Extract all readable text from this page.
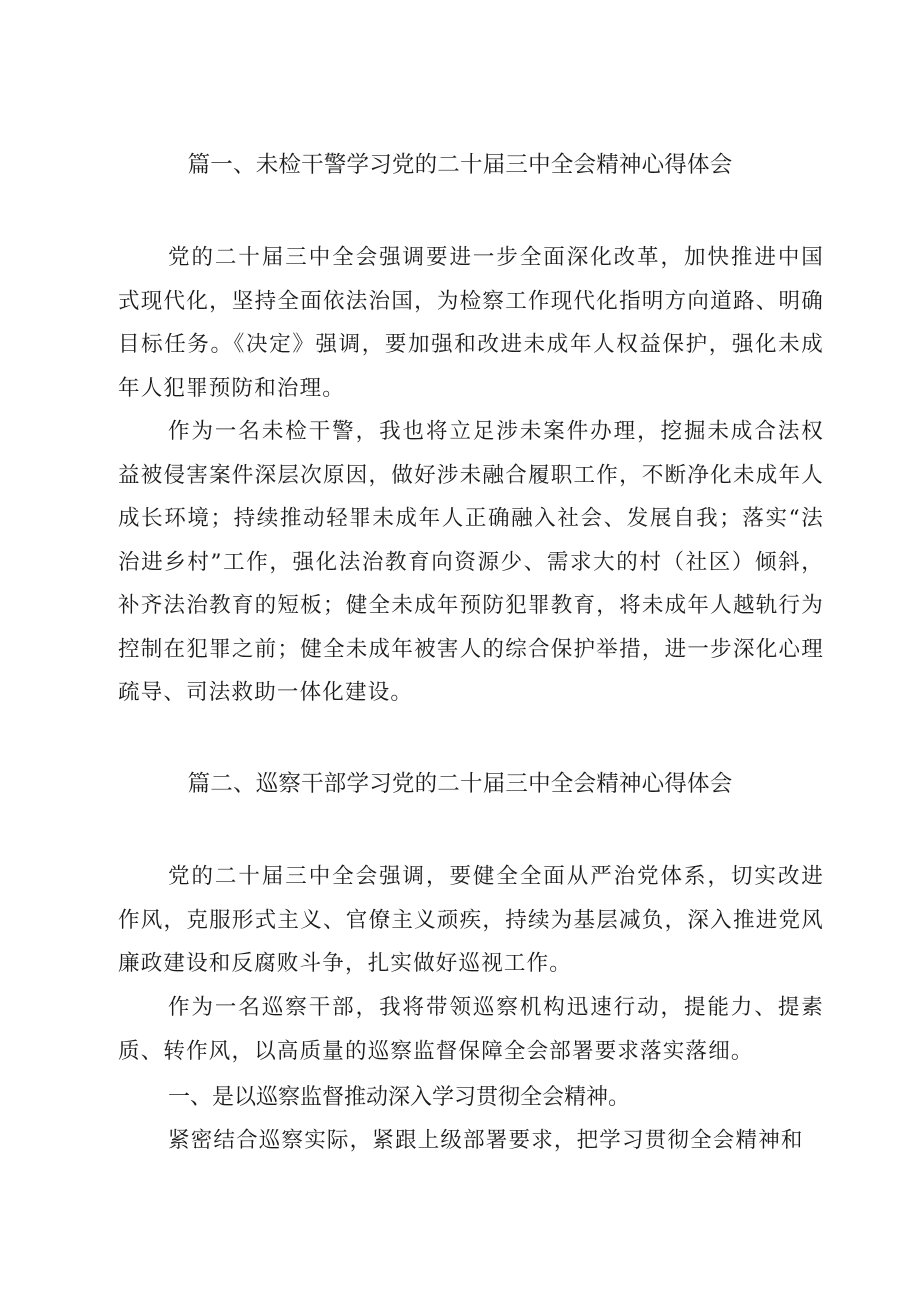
篇一、未检干警学习党的二十届三中全会精神心得体会

党的二十届三中全会强调要进一步全面深化改革，加快推进中国式现代化，坚持全面依法治国，为检察工作现代化指明方向道路、明确目标任务。《决定》强调，要加强和改进未成年人权益保护，强化未成年人犯罪预防和治理。

作为一名未检干警，我也将立足涉未案件办理，挖掘未成合法权益被侵害案件深层次原因，做好涉未融合履职工作，不断净化未成年人成长环境；持续推动轻罪未成年人正确融入社会、发展自我；落实“法治进乡村”工作，强化法治教育向资源少、需求大的村（社区）倾斜，补齐法治教育的短板；健全未成年预防犯罪教育，将未成年人越轨行为控制在犯罪之前；健全未成年被害人的综合保护举措，进一步深化心理疏导、司法救助一体化建设。

篇二、巡察干部学习党的二十届三中全会精神心得体会

党的二十届三中全会强调，要健全全面从严治党体系，切实改进作风，克服形式主义、官僚主义顽疾，持续为基层减负，深入推进党风廉政建设和反腐败斗争，扎实做好巡视工作。

作为一名巡察干部，我将带领巡察机构迅速行动，提能力、提素质、转作风，以高质量的巡察监督保障全会部署要求落实落细。

一、是以巡察监督推动深入学习贯彻全会精神。

紧密结合巡察实际，紧跟上级部署要求，把学习贯彻全会精神和
